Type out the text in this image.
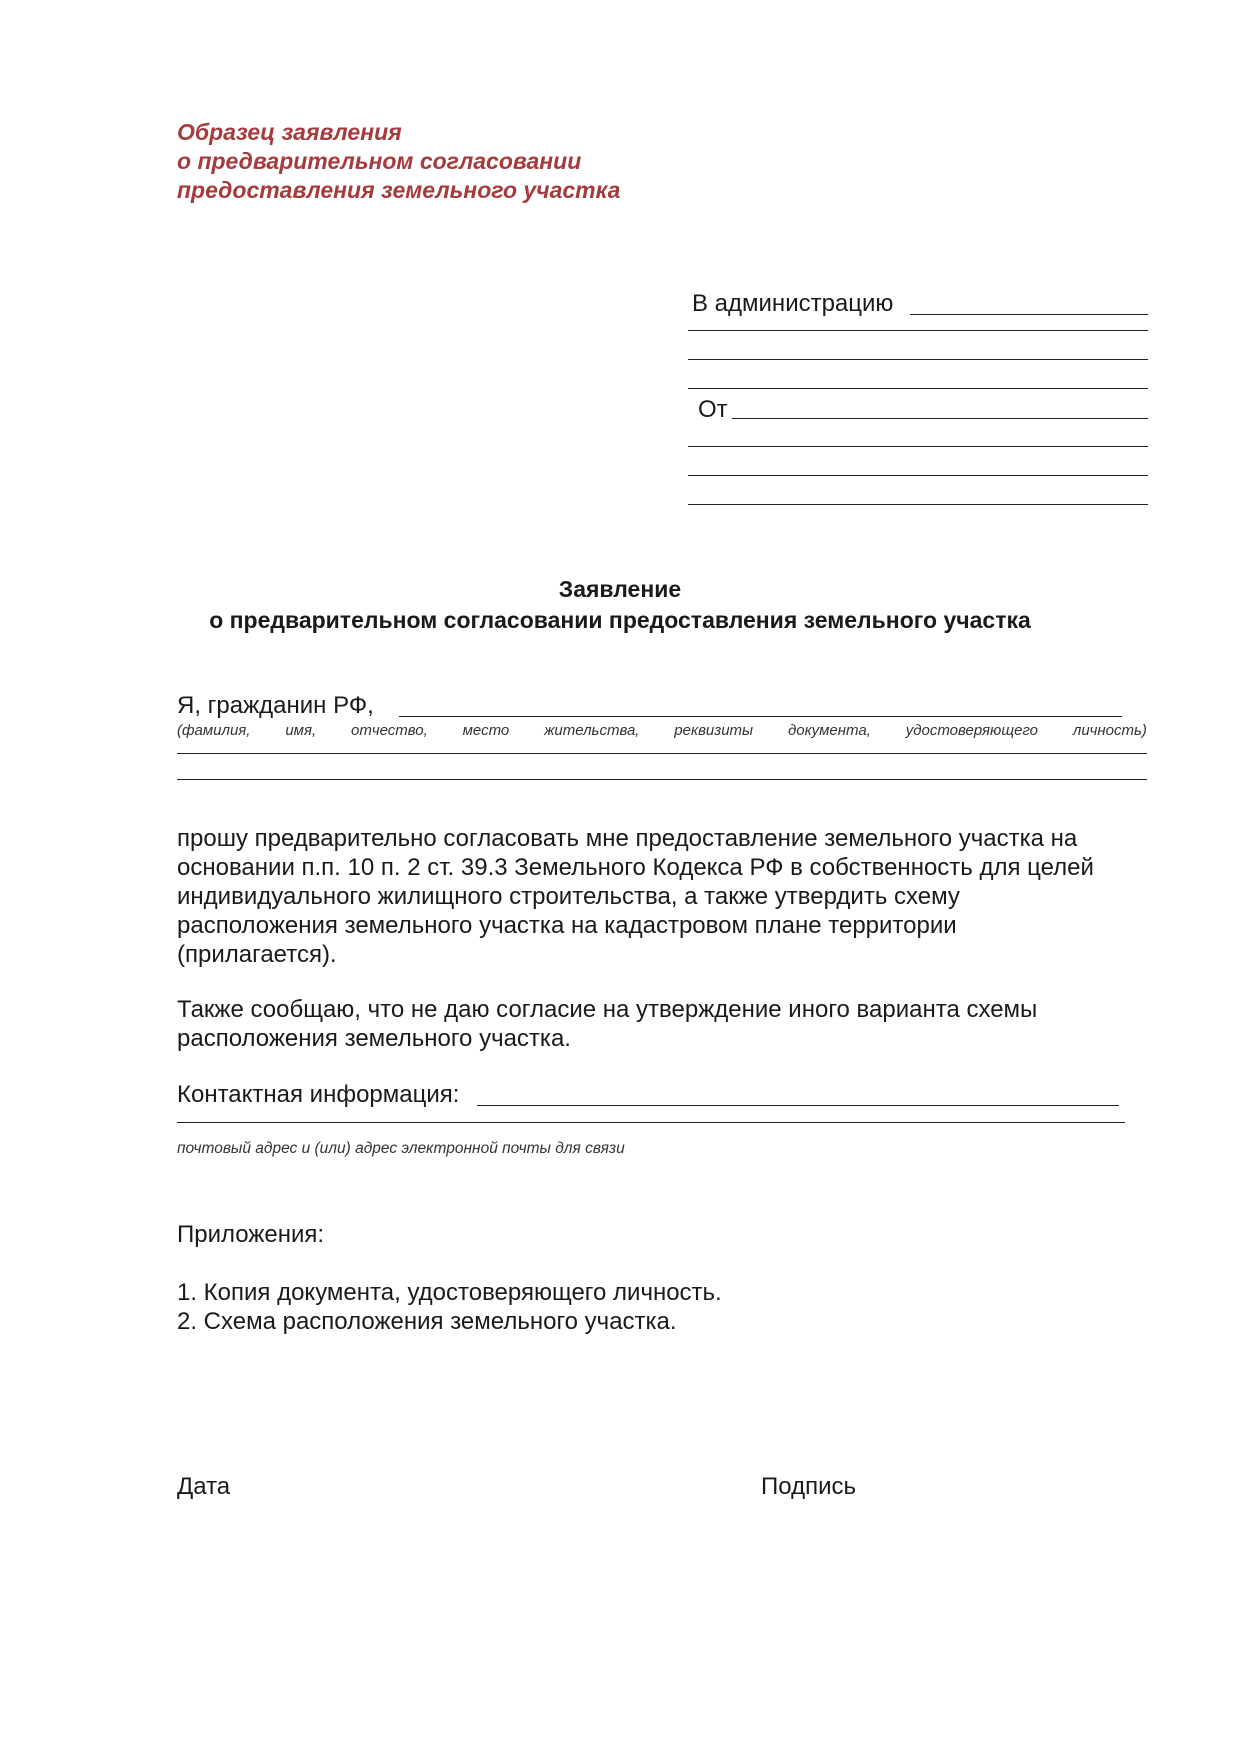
Образец заявления
о предварительном согласовании
предоставления земельного участка
В администрацию
От
Заявление
о предварительном согласовании предоставления земельного участка
Я, гражданин РФ,
(фамилия, имя, отчество, место жительства, реквизиты документа, удостоверяющего личность)
прошу предварительно согласовать мне предоставление земельного участка на
основании п.п. 10 п. 2 ст. 39.3 Земельного Кодекса РФ в собственность для целей
индивидуального жилищного строительства, а также утвердить схему
расположения земельного участка на кадастровом плане территории
(прилагается).
Также сообщаю, что не даю согласие на утверждение иного варианта схемы
расположения земельного участка.
Контактная информация:
почтовый адрес и (или) адрес электронной почты для связи
Приложения:
1. Копия документа, удостоверяющего личность.
2. Схема расположения земельного участка.
Дата	Подпись
